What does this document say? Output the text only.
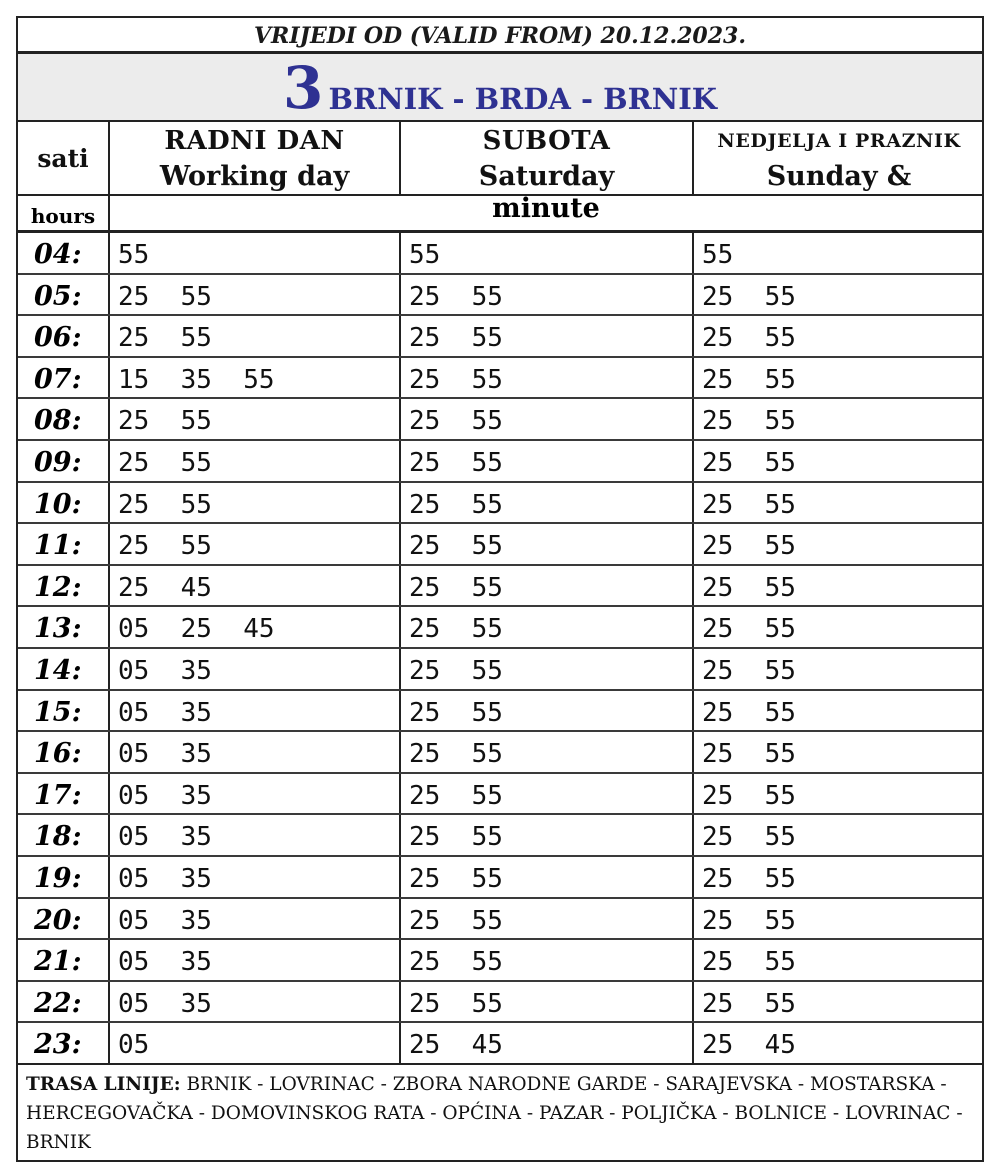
VRIJEDI OD (VALID FROM) 20.12.2023.
3 BRNIK - BRDA - BRNIK
sati
RADNI DAN
Working day
SUBOTA
Saturday
NEDJELJA I PRAZNIK
Sunday &
hours	minute
04:	55	55	55
05:	25  55	25  55	25  55
06:	25  55	25  55	25  55
07:	15  35  55	25  55	25  55
08:	25  55	25  55	25  55
09:	25  55	25  55	25  55
10:	25  55	25  55	25  55
11:	25  55	25  55	25  55
12:	25  45	25  55	25  55
13:	05  25  45	25  55	25  55
14:	05  35	25  55	25  55
15:	05  35	25  55	25  55
16:	05  35	25  55	25  55
17:	05  35	25  55	25  55
18:	05  35	25  55	25  55
19:	05  35	25  55	25  55
20:	05  35	25  55	25  55
21:	05  35	25  55	25  55
22:	05  35	25  55	25  55
23:	05	25  45	25  45
TRASA LINIJE: BRNIK - LOVRINAC - ZBORA NARODNE GARDE - SARAJEVSKA - MOSTARSKA - HERCEGOVAČKA - DOMOVINSKOG RATA - OPĆINA - PAZAR - POLJIČKA - BOLNICE - LOVRINAC - BRNIK
